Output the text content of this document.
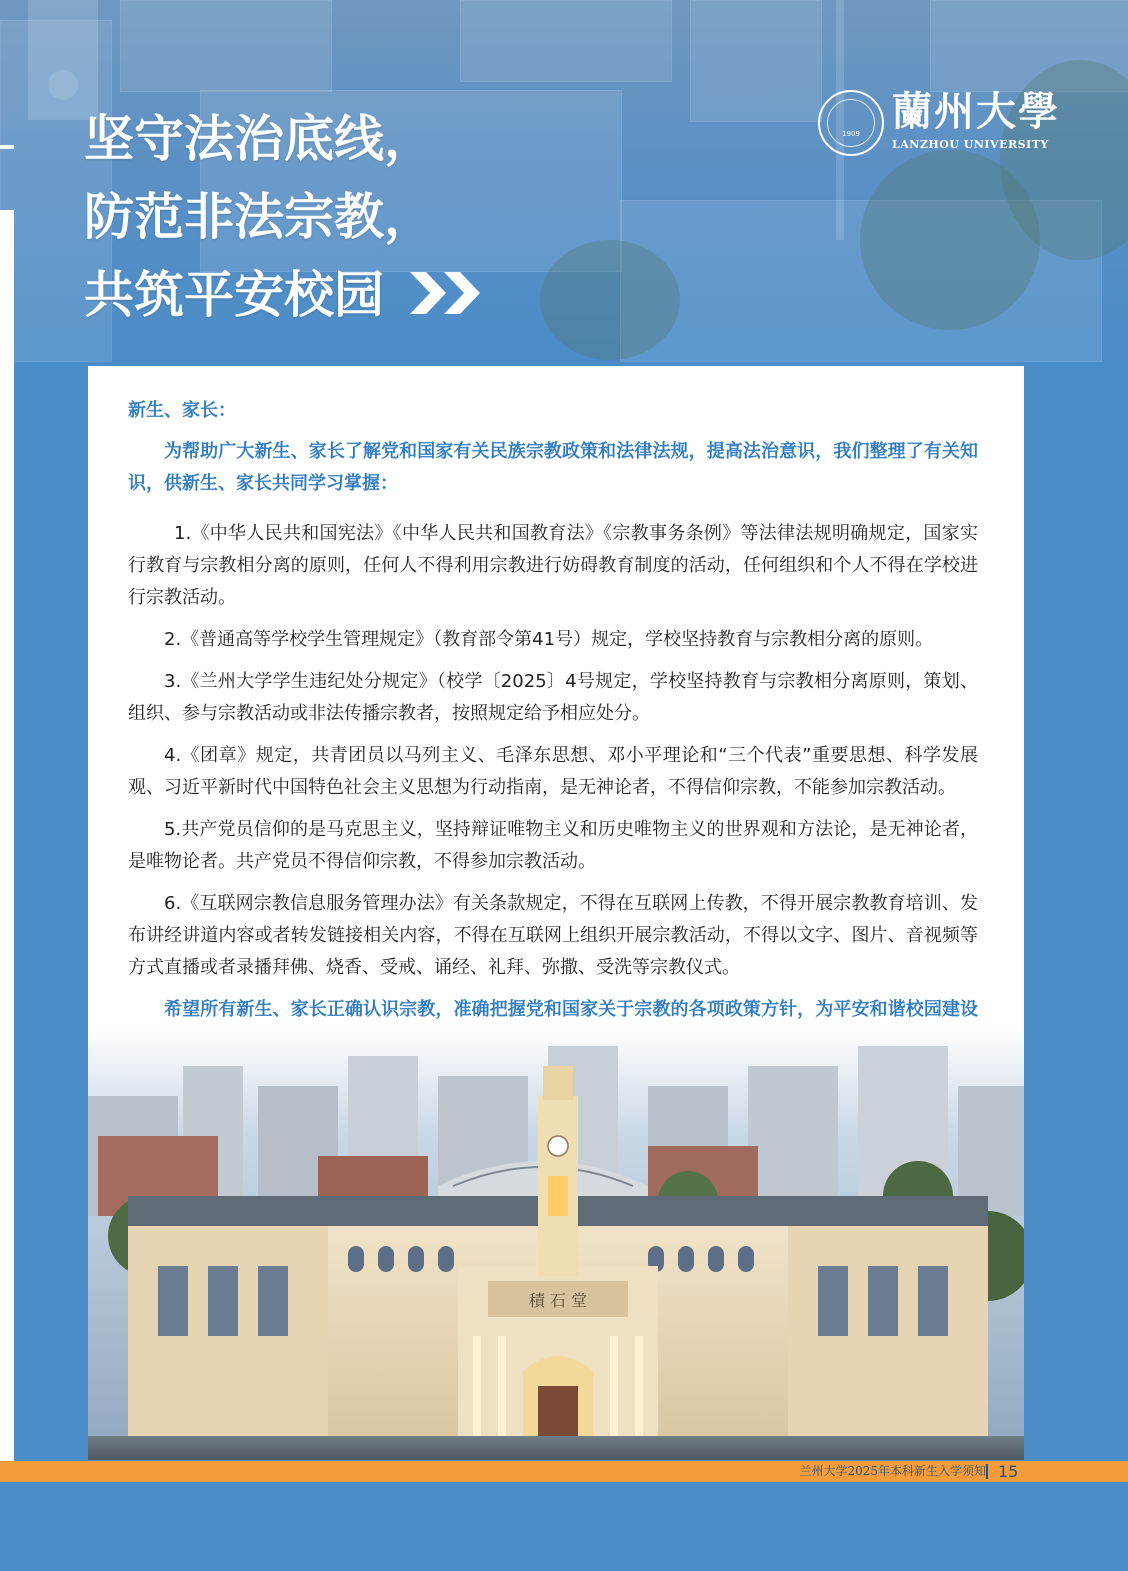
坚守法治底线，
防范非法宗教，
共筑平安校园
1909 蘭州大學
LANZHOU UNIVERSITY

新生、家长：

为帮助广大新生、家长了解党和国家有关民族宗教政策和法律法规，提高法治意识，我们整理了有关知识，供新生、家长共同学习掌握：

1.《中华人民共和国宪法》《中华人民共和国教育法》《宗教事务条例》等法律法规明确规定，国家实行教育与宗教相分离的原则，任何人不得利用宗教进行妨碍教育制度的活动，任何组织和个人不得在学校进行宗教活动。

2.《普通高等学校学生管理规定》（教育部令第41号）规定，学校坚持教育与宗教相分离的原则。

3.《兰州大学学生违纪处分规定》（校学〔2025〕4号规定，学校坚持教育与宗教相分离原则，策划、组织、参与宗教活动或非法传播宗教者，按照规定给予相应处分。

4.《团章》规定，共青团员以马列主义、毛泽东思想、邓小平理论和“三个代表”重要思想、科学发展观、习近平新时代中国特色社会主义思想为行动指南，是无神论者，不得信仰宗教，不能参加宗教活动。

5.共产党员信仰的是马克思主义，坚持辩证唯物主义和历史唯物主义的世界观和方法论，是无神论者，是唯物论者。共产党员不得信仰宗教，不得参加宗教活动。

6.《互联网宗教信息服务管理办法》有关条款规定，不得在互联网上传教，不得开展宗教教育培训、发布讲经讲道内容或者转发链接相关内容，不得在互联网上组织开展宗教活动，不得以文字、图片、音视频等方式直播或者录播拜佛、烧香、受戒、诵经、礼拜、弥撒、受洗等宗教仪式。

希望所有新生、家长正确认识宗教，准确把握党和国家关于宗教的各项政策方针，为平安和谐校园建设

積 石 堂
兰州大学2025年本科新生入学须知 15
